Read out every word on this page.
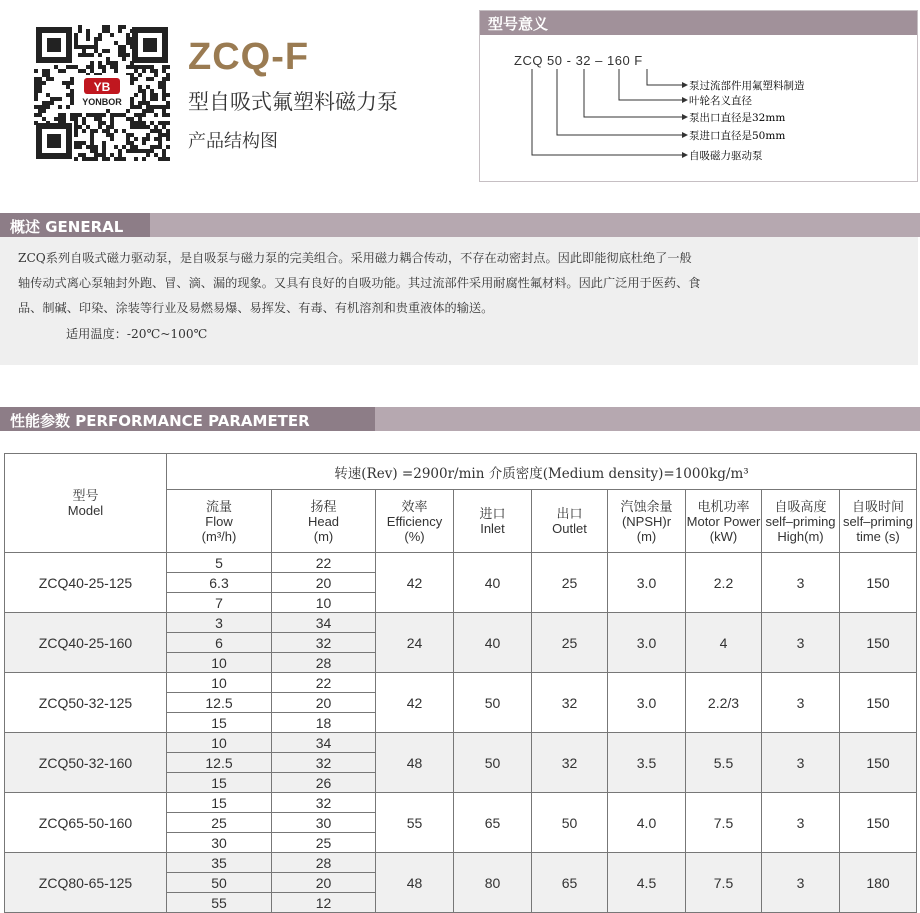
YB
YONBOR
ZCQ-F
型自吸式氟塑料磁力泵
产品结构图
型号意义
ZCQ 50 - 32 – 160 F
泵过流部件用氟塑料制造
叶轮名义直径
泵出口直径是32mm
泵进口直径是50mm
自吸磁力驱动泵
概述 GENERAL

ZCQ系列自吸式磁力驱动泵，是自吸泵与磁力泵的完美组合。采用磁力耦合传动，不存在动密封点。因此即能彻底杜绝了一般

轴传动式离心泵轴封外跑、冒、滴、漏的现象。又具有良好的自吸功能。其过流部件采用耐腐性氟材料。因此广泛用于医药、食

品、制碱、印染、涂装等行业及易燃易爆、易挥发、有毒、有机溶剂和贵重液体的输送。

适用温度：-20℃~100℃

性能参数 PERFORMANCE PARAMETER
型号
Model	转速(Rev) =2900r/min 介质密度(Medium density)=1000kg/m³								
	流量
Flow
(m³/h)	扬程
Head
(m)	效率
Efficiency
(%)	进口
Inlet	出口
Outlet	汽蚀余量
(NPSH)r
(m)	电机功率
Motor Power
(kW)	自吸高度
self–priming
High(m)	自吸时间
self–priming
time (s)
ZCQ40-25-125	5	22	42	40	25	3.0	2.2	3	150
	6.3	20							
	7	10							
ZCQ40-25-160	3	34	24	40	25	3.0	4	3	150
	6	32							
	10	28							
ZCQ50-32-125	10	22	42	50	32	3.0	2.2/3	3	150
	12.5	20							
	15	18							
ZCQ50-32-160	10	34	48	50	32	3.5	5.5	3	150
	12.5	32							
	15	26							
ZCQ65-50-160	15	32	55	65	50	4.0	7.5	3	150
	25	30							
	30	25							
ZCQ80-65-125	35	28	48	80	65	4.5	7.5	3	180
	50	20							
	55	12							
